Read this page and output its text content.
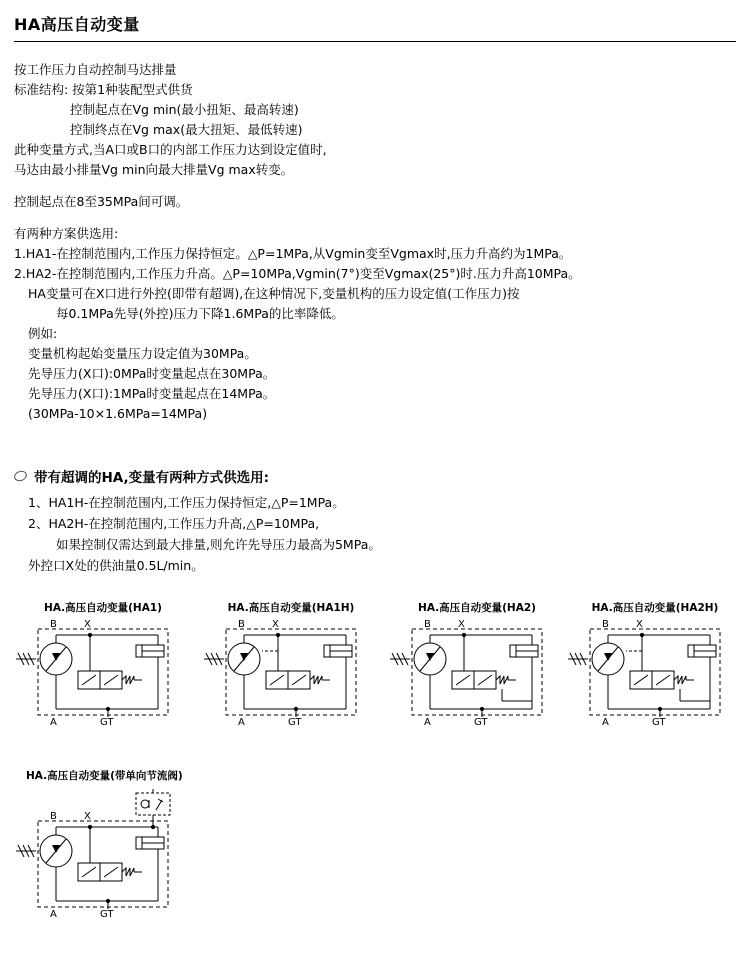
HA高压自动变量

按工作压力自动控制马达排量

标准结构: 按第1种装配型式供货

控制起点在Vg min(最小扭矩、最高转速)

控制终点在Vg max(最大扭矩、最低转速)

此种变量方式,当A口或B口的内部工作压力达到设定值时,

马达由最小排量Vg min向最大排量Vg max转变。

控制起点在8至35MPa间可调。

有两种方案供选用:

1.HA1-在控制范围内,工作压力保持恒定。△P=1MPa,从Vgmin变至Vgmax时,压力升高约为1MPa。

2.HA2-在控制范围内,工作压力升高。△P=10MPa,Vgmin(7°)变至Vgmax(25°)时.压力升高10MPa。

HA变量可在X口进行外控(即带有超调),在这种情况下,变量机构的压力设定值(工作压力)按

每0.1MPa先导(外控)压力下降1.6MPa的比率降低。

例如:

变量机构起始变量压力设定值为30MPa。

先导压力(X口):0MPa时变量起点在30MPa。

先导压力(X口):1MPa时变量起点在14MPa。

(30MPa-10×1.6MPa=14MPa)

带有超调的HA,变量有两种方式供选用:

1、HA1H-在控制范围内,工作压力保持恒定,△P=1MPa。

2、HA2H-在控制范围内,工作压力升高,△P=10MPa,

如果控制仅需达到最大排量,则允许先导压力最高为5MPa。

外控口X处的供油量0.5L/min。

HA.高压自动变量(HA1)
B	X
A	GT
HA.高压自动变量(HA1H)
B	X
A	GT
HA.高压自动变量(HA2)
B	X
A	GT
HA.高压自动变量(HA2H)
B	X
A	GT
HA.高压自动变量(带单向节流阀)
B	X
A	GT
